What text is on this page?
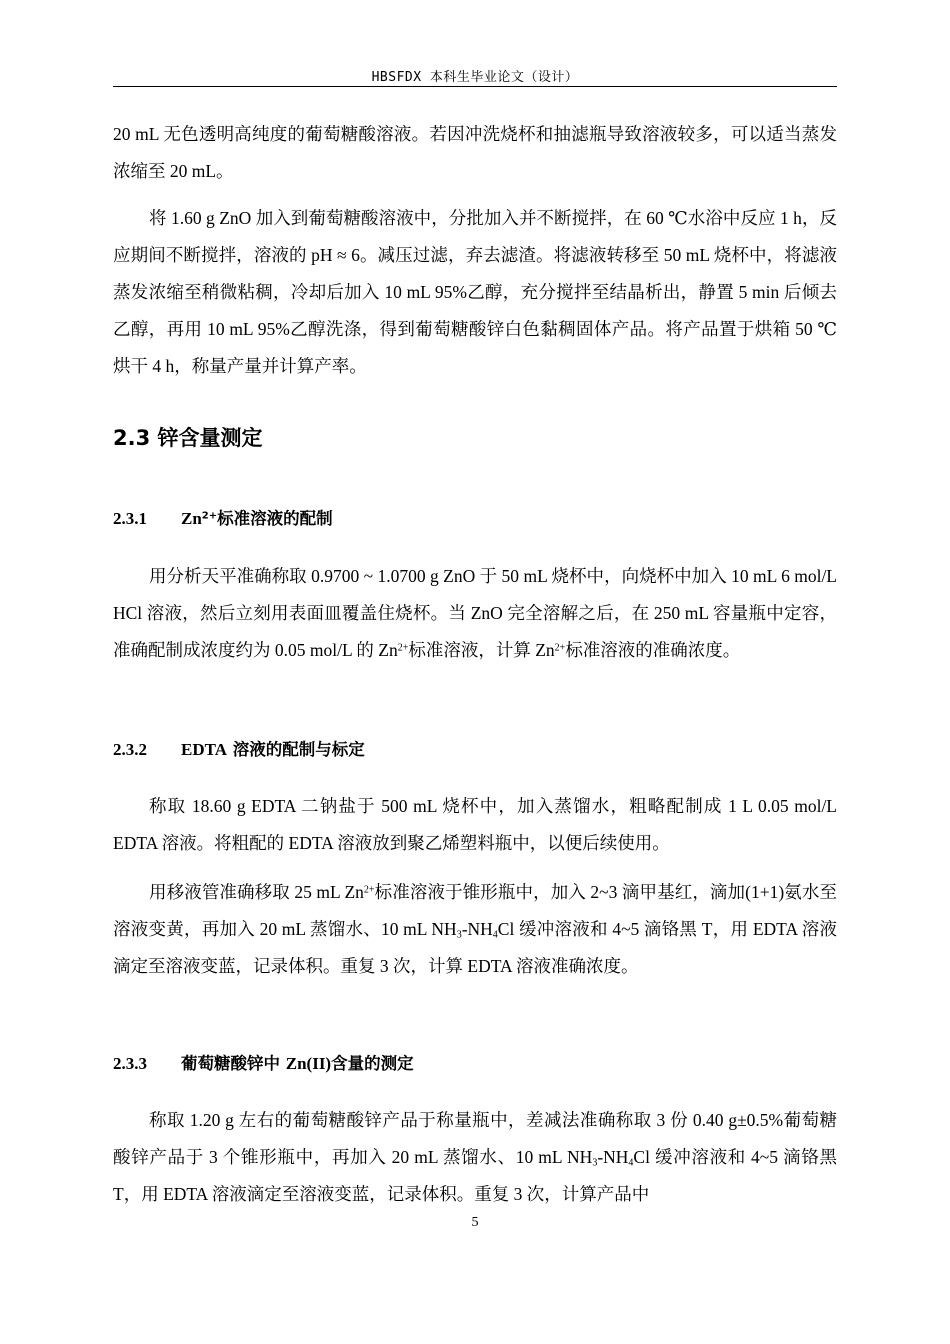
HBSFDX 本科生毕业论文（设计）

20 mL 无色透明高纯度的葡萄糖酸溶液。若因冲洗烧杯和抽滤瓶导致溶液较多，可以适当蒸发浓缩至 20 mL。

将 1.60 g ZnO 加入到葡萄糖酸溶液中，分批加入并不断搅拌，在 60 ℃水浴中反应 1 h，反应期间不断搅拌，溶液的 pH ≈ 6。减压过滤，弃去滤渣。将滤液转移至 50 mL 烧杯中，将滤液蒸发浓缩至稍微粘稠，冷却后加入 10 mL 95%乙醇，充分搅拌至结晶析出，静置 5 min 后倾去乙醇，再用 10 mL 95%乙醇洗涤，得到葡萄糖酸锌白色黏稠固体产品。将产品置于烘箱 50 ℃烘干 4 h，称量产量并计算产率。

2.3 锌含量测定
2.3.1 $Zn^{2+}$标准溶液的配制

用分析天平准确称取 0.9700 ~ 1.0700 g ZnO 于 50 mL 烧杯中，向烧杯中加入 10 mL 6 mol/L HCl 溶液，然后立刻用表面皿覆盖住烧杯。当 ZnO 完全溶解之后，在 250 mL 容量瓶中定容，准确配制成浓度约为 0.05 mol/L 的 $Zn^{2+}$标准溶液，计算 $Zn^{2+}$标准溶液的准确浓度。

2.3.2 EDTA 溶液的配制与标定

称取 18.60 g EDTA 二钠盐于 500 mL 烧杯中，加入蒸馏水，粗略配制成 1 L 0.05 mol/L EDTA 溶液。将粗配的 EDTA 溶液放到聚乙烯塑料瓶中，以便后续使用。

用移液管准确移取 25 mL $Zn^{2+}$标准溶液于锥形瓶中，加入 2~3 滴甲基红，滴加(1+1)氨水至溶液变黄，再加入 20 mL 蒸馏水、10 mL $NH_3-NH_4Cl$ 缓冲溶液和 4~5 滴铬黑 T，用 EDTA 溶液滴定至溶液变蓝，记录体积。重复 3 次，计算 EDTA 溶液准确浓度。

2.3.3 葡萄糖酸锌中 Zn(II)含量的测定

称取 1.20 g 左右的葡萄糖酸锌产品于称量瓶中，差减法准确称取 3 份 0.40 g±0.5%葡萄糖酸锌产品于 3 个锥形瓶中，再加入 20 mL 蒸馏水、10 mL $NH_3-NH_4Cl$ 缓冲溶液和 4~5 滴铬黑 T，用 EDTA 溶液滴定至溶液变蓝，记录体积。重复 3 次，计算产品中

5
